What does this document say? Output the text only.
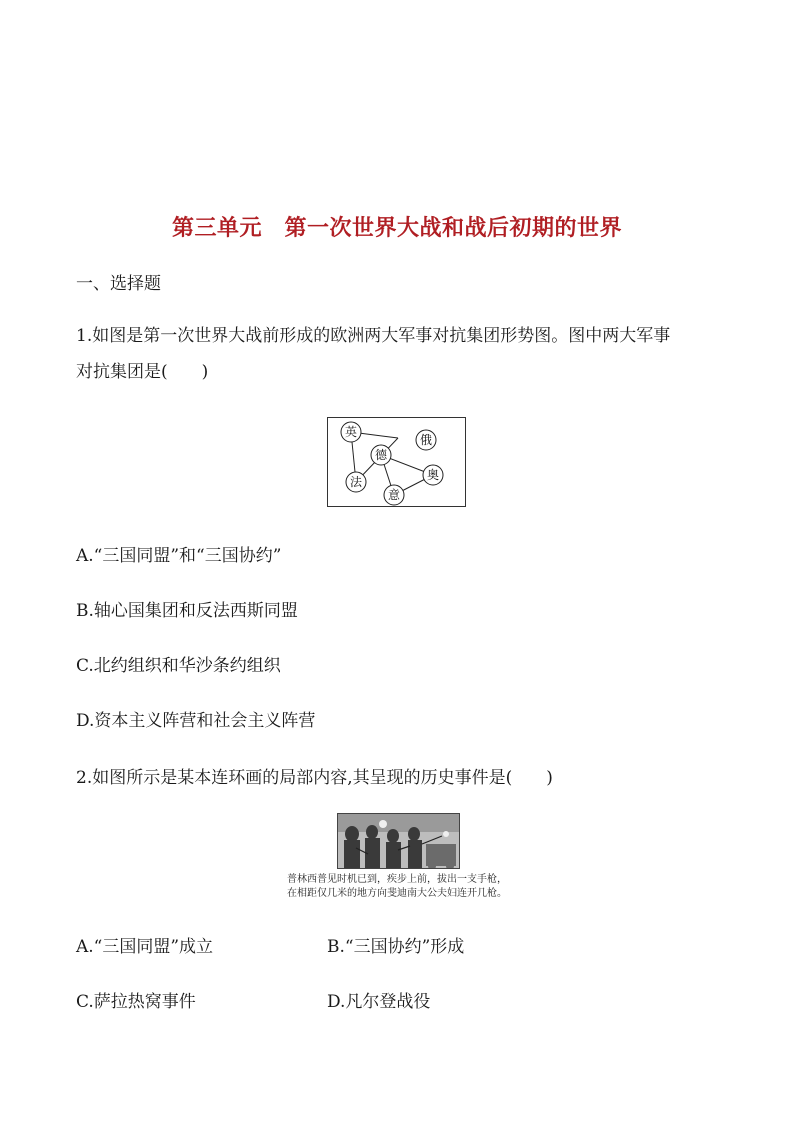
第三单元　第一次世界大战和战后初期的世界
一、选择题
1.如图是第一次世界大战前形成的欧洲两大军事对抗集团形势图。图中两大军事
对抗集团是(　　)
英
德
俄
法
意
奥
A.“三国同盟”和“三国协约”
B.轴心国集团和反法西斯同盟
C.北约组织和华沙条约组织
D.资本主义阵营和社会主义阵营
2.如图所示是某本连环画的局部内容,其呈现的历史事件是(　　)
普林西普见时机已到，疾步上前，拔出一支手枪，
在相距仅几米的地方向斐迪南大公夫妇连开几枪。
A.“三国同盟”成立	B.“三国协约”形成
C.萨拉热窝事件	D.凡尔登战役
